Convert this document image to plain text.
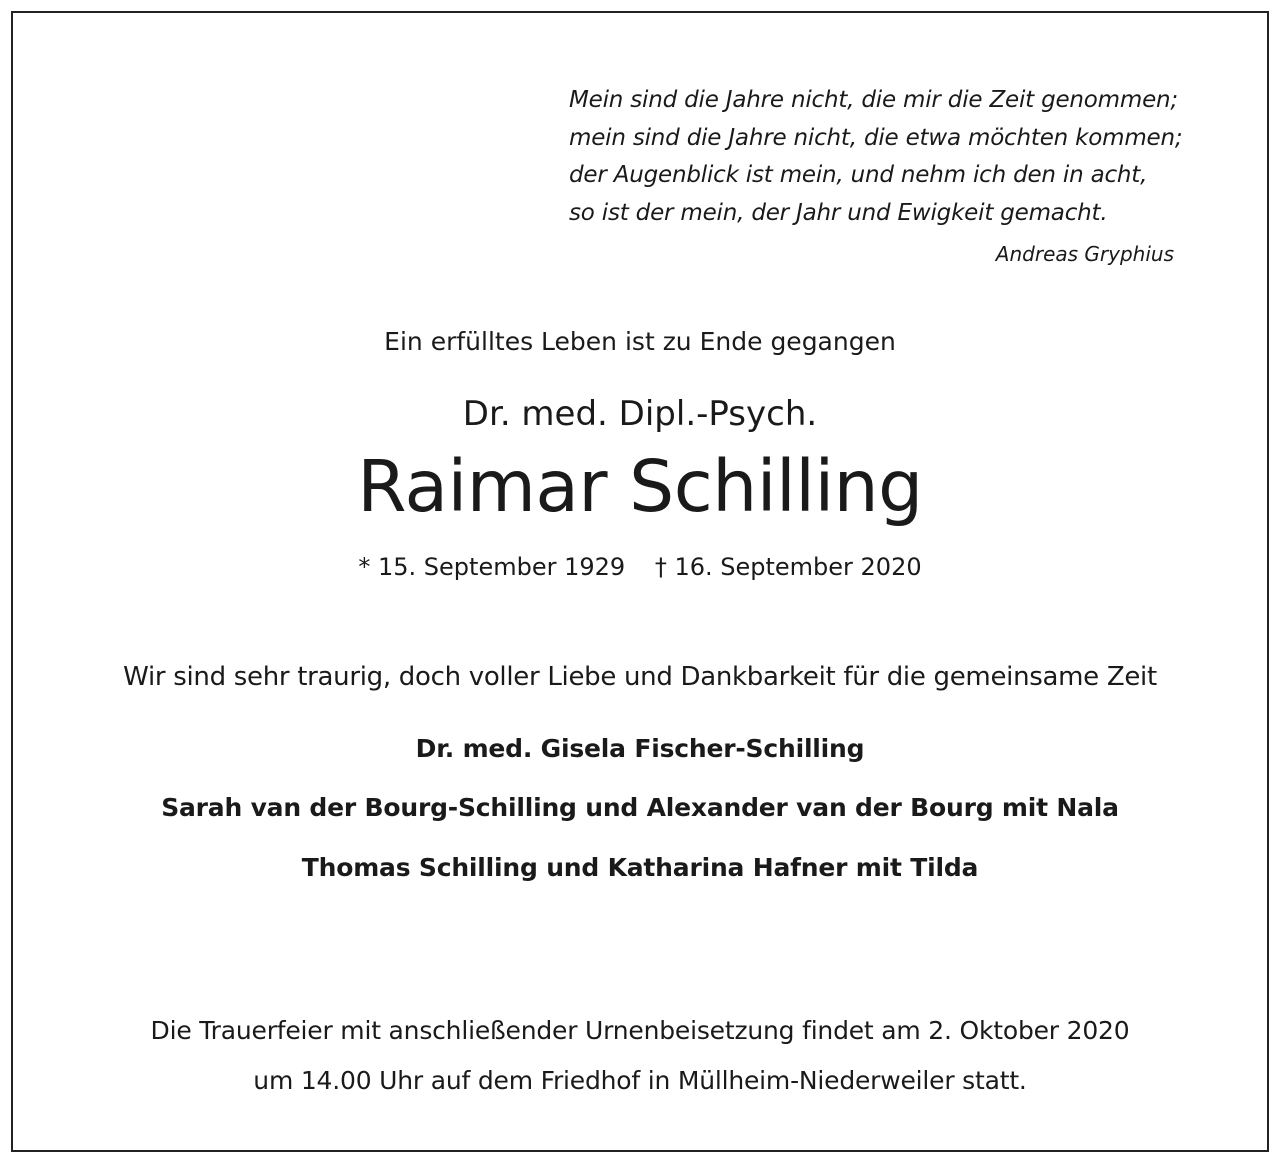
Mein sind die Jahre nicht, die mir die Zeit genommen;
mein sind die Jahre nicht, die etwa möchten kommen;
der Augenblick ist mein, und nehm ich den in acht,
so ist der mein, der Jahr und Ewigkeit gemacht.
Andreas Gryphius
Ein erfülltes Leben ist zu Ende gegangen
Dr. med. Dipl.-Psych.
Raimar Schilling
* 15. September 1929 † 16. September 2020
Wir sind sehr traurig, doch voller Liebe und Dankbarkeit für die gemeinsame Zeit
Dr. med. Gisela Fischer-Schilling
Sarah van der Bourg-Schilling und Alexander van der Bourg mit Nala
Thomas Schilling und Katharina Hafner mit Tilda
Die Trauerfeier mit anschließender Urnenbeisetzung findet am 2. Oktober 2020
um 14.00 Uhr auf dem Friedhof in Müllheim-Niederweiler statt.
